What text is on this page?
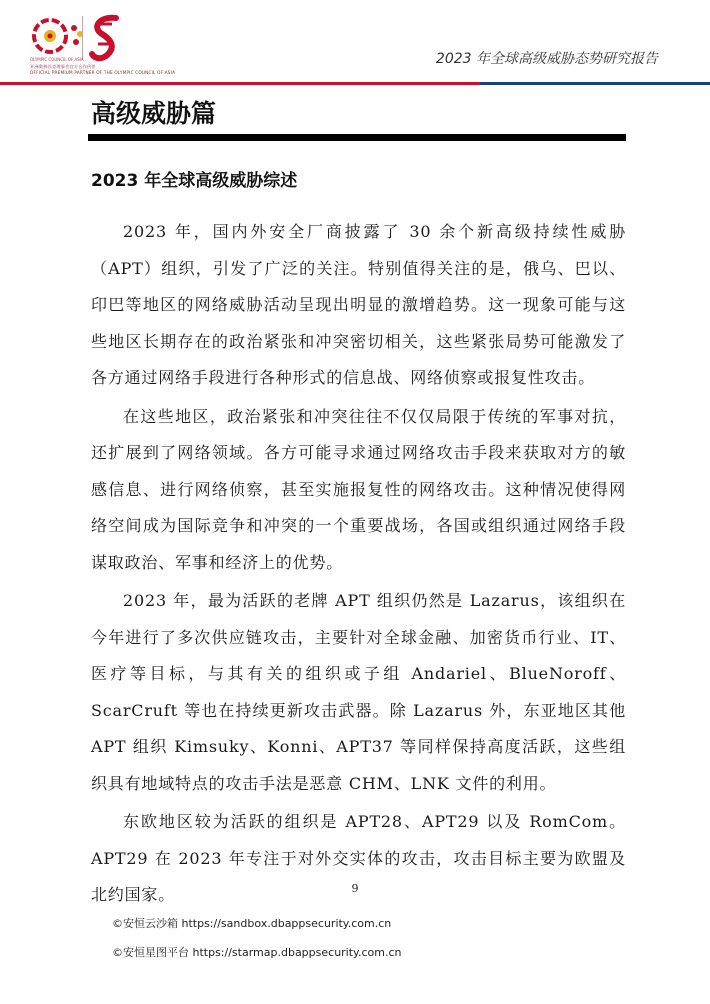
OLYMPIC COUNCIL OF ASIA
亚洲奥林匹克理事会官方合作伙伴
OFFICIAL PREMIUM PARTNER OF THE OLYMPIC COUNCIL OF ASIA
2023 年全球高级威胁态势研究报告
高级威胁篇
2023 年全球高级威胁综述

2023 年，国内外安全厂商披露了 30 余个新高级持续性威胁（APT）组织，引发了广泛的关注。特别值得关注的是，俄乌、巴以、印巴等地区的网络威胁活动呈现出明显的激增趋势。这一现象可能与这些地区长期存在的政治紧张和冲突密切相关，这些紧张局势可能激发了各方通过网络手段进行各种形式的信息战、网络侦察或报复性攻击。

在这些地区，政治紧张和冲突往往不仅仅局限于传统的军事对抗，还扩展到了网络领域。各方可能寻求通过网络攻击手段来获取对方的敏感信息、进行网络侦察，甚至实施报复性的网络攻击。这种情况使得网络空间成为国际竞争和冲突的一个重要战场，各国或组织通过网络手段谋取政治、军事和经济上的优势。

2023 年，最为活跃的老牌 APT 组织仍然是 Lazarus，该组织在今年进行了多次供应链攻击，主要针对全球金融、加密货币行业、IT、医疗等目标，与其有关的组织或子组 Andariel、BlueNoroff、ScarCruft 等也在持续更新攻击武器。除 Lazarus 外，东亚地区其他 APT 组织 Kimsuky、Konni、APT37 等同样保持高度活跃，这些组织具有地域特点的攻击手法是恶意 CHM、LNK 文件的利用。

东欧地区较为活跃的组织是 APT28、APT29 以及 RomCom。APT29 在 2023 年专注于对外交实体的攻击，攻击目标主要为欧盟及北约国家。	9
©安恒云沙箱 https://sandbox.dbappsecurity.com.cn
©安恒星图平台 https://starmap.dbappsecurity.com.cn
